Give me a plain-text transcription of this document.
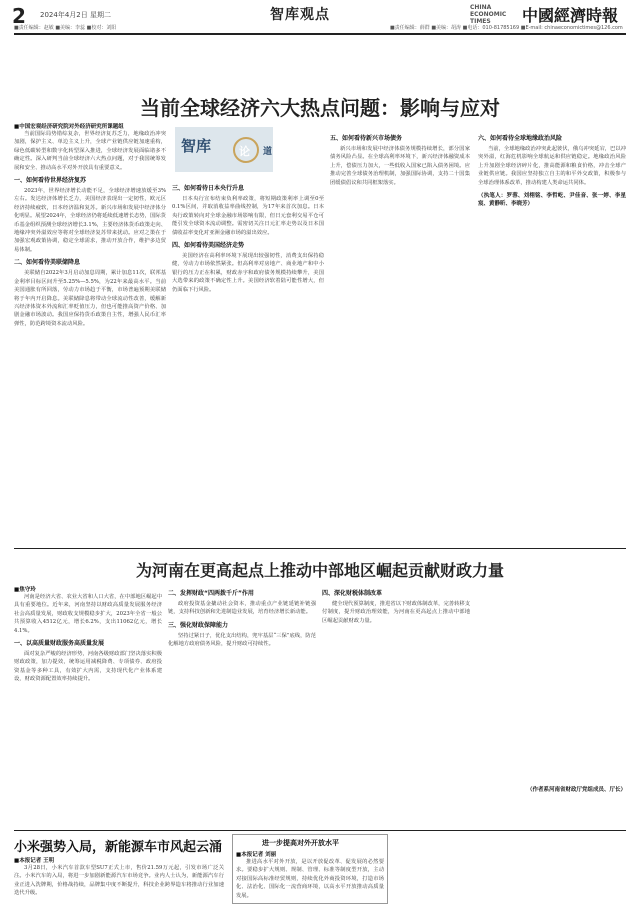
2 2024年4月2日 星期二	智库观点	CHINA ECONOMIC TIMES	中國經濟時報
■责任编辑：赵敏 ■美编：李蕊 ■校对：刘阳	■责任编辑：薛群 ■美编：胡涛 ■电话：010-81785169 ■E-mail: chinaeconomictimes@126.com
当前全球经济六大热点问题：影响与应对
■中国宏观经济研究院对外经济研究所课题组

当前国际局势错综复杂，世界经济复苏乏力，地缘政治冲突加剧，保护主义、单边主义上升，全球产业链供应链加速重构，绿色低碳转型和数字化转型深入推进，全球经济发展面临诸多不确定性。深入研判当前全球经济六大热点问题，对于我国统筹发展和安全、推动高水平对外开放具有重要意义。

一、如何看待世界经济复苏

2023年，世界经济增长动能不足，全球经济增速放缓至3%左右。发达经济体增长乏力，美国经济表现出一定韧性，欧元区经济持续疲软，日本经济温和复苏。新兴市场和发展中经济体分化明显。展望2024年，全球经济仍将延续低速增长态势，国际货币基金组织预测全球经济增长3.1%，主要经济体货币政策走向、地缘冲突外溢效应等将对全球经济复苏带来扰动。应对之策在于加强宏观政策协调，稳定全球需求，推动开放合作，维护多边贸易体制。

二、如何看待美联储降息

美联储自2022年3月启动加息周期，累计加息11次，联邦基金利率目标区间升至5.25%—5.5%，为22年来最高水平。当前美国通胀有所回落，劳动力市场趋于平衡，市场普遍预期美联储将于年内开启降息。美联储降息将带动全球流动性改善，缓解新兴经济体资本外流和汇率贬值压力，但也可能推高资产价格、加剧金融市场波动。我国应保持货币政策自主性，增强人民币汇率弹性，防范跨境资本流动风险。

智库	论 道
三、如何看待日本央行升息

日本央行宣布结束负利率政策，将短期政策利率上调至0至0.1%区间，并取消收益率曲线控制，为17年来首次加息。日本央行政策转向对全球金融市场影响有限，但日元套利交易平仓可能引发全球资本流动调整。需密切关注日元汇率走势以及日本国债收益率变化对亚洲金融市场的溢出效应。

四、如何看待美国经济走势

美国经济在高利率环境下展现出较强韧性，消费支出保持稳健，劳动力市场依然紧张。但高利率对房地产、商业地产和中小银行的压力正在积累，财政赤字和政府债务规模持续攀升，美国大选带来的政策不确定性上升。美国经济软着陆可能性增大，但仍面临下行风险。

五、如何看待新兴市场债务

新兴市场和发展中经济体债务规模持续增长，部分国家债务风险凸显。在全球高利率环境下，新兴经济体融资成本上升，偿债压力加大，一些低收入国家已陷入债务困境。应推动完善全球债务治理机制，加强国际协调，支持二十国集团缓债倡议和共同框架落实。

六、如何看待全球地缘政治风险

当前，全球地缘政治冲突此起彼伏，俄乌冲突延宕，巴以冲突外溢，红海危机影响全球航运和供应链稳定。地缘政治风险上升加剧全球经济碎片化，推高能源和粮食价格，冲击全球产业链供应链。我国应坚持独立自主的和平外交政策，积极参与全球治理体系改革，推动构建人类命运共同体。

（执笔人：罗蓉、刘栩铭、李哲屹、尹佳音、张一婷、李星宸、黄静昕、李晓芳）
为河南在更高起点上推动中部地区崛起贡献财政力量
■焦守玲

河南是经济大省、农业大省和人口大省，在中部地区崛起中具有重要地位。近年来，河南坚持以财政高质量发展服务经济社会高质量发展，财政收支规模稳步扩大，2023年全省一般公共预算收入4512亿元，增长6.2%，支出11062亿元，增长4.1%。

一、以高质量财政服务高质量发展

面对复杂严峻的经济形势，河南各级财政部门坚决落实积极财政政策，加力提效，统筹运用减税降费、专项债券、政府投资基金等多种工具，有效扩大内需，支持现代化产业体系建设，财政资源配置效率持续提升。

二、发挥财政“四两拨千斤”作用

政府投资基金撬动社会资本，推动重点产业链延链补链强链，支持科技创新和先进制造业发展，培育经济增长新动能。

三、强化财政保障能力

坚持过紧日子，优化支出结构，兜牢基层“三保”底线，防范化解地方政府债务风险，提升财政可持续性。

四、深化财税体制改革

健全现代预算制度，推进省以下财政体制改革，完善转移支付制度，提升财政治理效能，为河南在更高起点上推动中部地区崛起贡献财政力量。

（作者系河南省财政厅党组成员、厅长）
小米强势入局，新能源车市风起云涌
■本报记者 王明

3月28日，小米汽车首款车型SU7正式上市，售价21.59万元起，引发市场广泛关注。小米汽车的入局，将进一步加剧新能源汽车市场竞争。业内人士认为，新能源汽车行业正进入洗牌期，价格战持续，品牌集中度不断提升，科技企业跨界造车将推动行业加速迭代升级。

进一步提高对外开放水平
■本报记者 刘丽

推进高水平对外开放，是以开放促改革、促发展的必然要求。要稳步扩大规则、规制、管理、标准等制度型开放，主动对接国际高标准经贸规则，持续优化外商投资环境，打造市场化、法治化、国际化一流营商环境，以高水平开放推动高质量发展。
